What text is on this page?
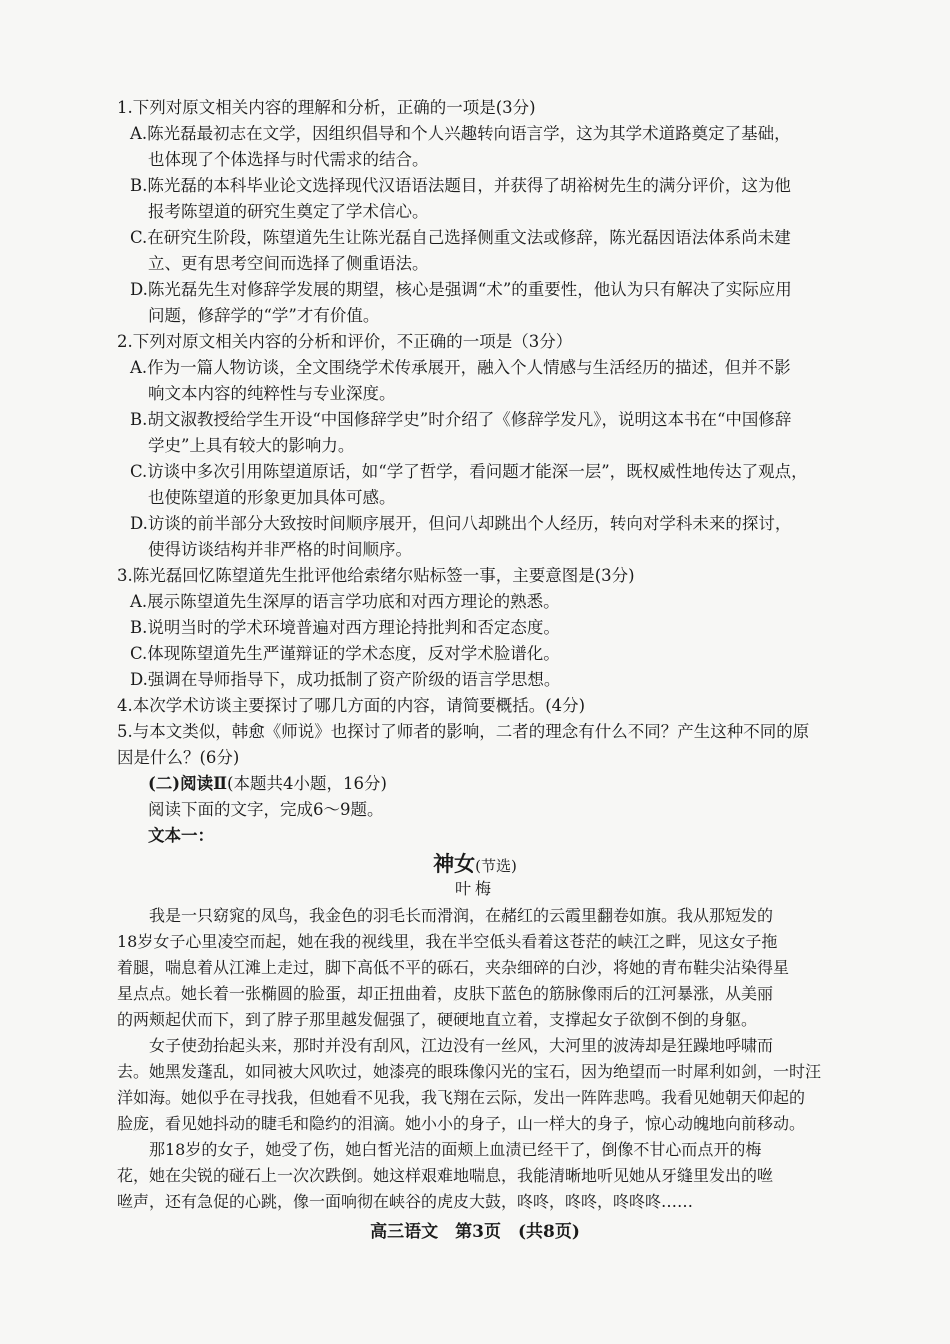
1.下列对原文相关内容的理解和分析，正确的一项是(3分)
A.陈光磊最初志在文学，因组织倡导和个人兴趣转向语言学，这为其学术道路奠定了基础，
也体现了个体选择与时代需求的结合。
B.陈光磊的本科毕业论文选择现代汉语语法题目，并获得了胡裕树先生的满分评价，这为他
报考陈望道的研究生奠定了学术信心。
C.在研究生阶段，陈望道先生让陈光磊自己选择侧重文法或修辞，陈光磊因语法体系尚未建
立、更有思考空间而选择了侧重语法。
D.陈光磊先生对修辞学发展的期望，核心是强调“术”的重要性，他认为只有解决了实际应用
问题，修辞学的“学”才有价值。
2.下列对原文相关内容的分析和评价，不正确的一项是（3分）
A.作为一篇人物访谈，全文围绕学术传承展开，融入个人情感与生活经历的描述，但并不影
响文本内容的纯粹性与专业深度。
B.胡文淑教授给学生开设“中国修辞学史”时介绍了《修辞学发凡》，说明这本书在“中国修辞
学史”上具有较大的影响力。
C.访谈中多次引用陈望道原话，如“学了哲学，看问题才能深一层”，既权威性地传达了观点，
也使陈望道的形象更加具体可感。
D.访谈的前半部分大致按时间顺序展开，但问八却跳出个人经历，转向对学科未来的探讨，
使得访谈结构并非严格的时间顺序。
3.陈光磊回忆陈望道先生批评他给索绪尔贴标签一事，主要意图是(3分)
A.展示陈望道先生深厚的语言学功底和对西方理论的熟悉。
B.说明当时的学术环境普遍对西方理论持批判和否定态度。
C.体现陈望道先生严谨辩证的学术态度，反对学术脸谱化。
D.强调在导师指导下，成功抵制了资产阶级的语言学思想。
4.本次学术访谈主要探讨了哪几方面的内容，请简要概括。(4分)
5.与本文类似，韩愈《师说》也探讨了师者的影响，二者的理念有什么不同？产生这种不同的原
因是什么？(6分)
(二)阅读Ⅱ(本题共4小题，16分)
阅读下面的文字，完成6～9题。
文本一：
神女(节选)
叶梅
我是一只窈窕的凤鸟，我金色的羽毛长而滑润，在赭红的云霞里翻卷如旗。我从那短发的
18岁女子心里凌空而起，她在我的视线里，我在半空低头看着这苍茫的峡江之畔，见这女子拖
着腿，喘息着从江滩上走过，脚下高低不平的砾石，夹杂细碎的白沙，将她的青布鞋尖沾染得星
星点点。她长着一张椭圆的脸蛋，却正扭曲着，皮肤下蓝色的筋脉像雨后的江河暴涨，从美丽
的两颊起伏而下，到了脖子那里越发倔强了，硬硬地直立着，支撑起女子欲倒不倒的身躯。
女子使劲抬起头来，那时并没有刮风，江边没有一丝风，大河里的波涛却是狂躁地呼啸而
去。她黑发蓬乱，如同被大风吹过，她漆亮的眼珠像闪光的宝石，因为绝望而一时犀利如剑，一时汪
洋如海。她似乎在寻找我，但她看不见我，我飞翔在云际，发出一阵阵悲鸣。我看见她朝天仰起的
脸庞，看见她抖动的睫毛和隐约的泪滴。她小小的身子，山一样大的身子，惊心动魄地向前移动。
那18岁的女子，她受了伤，她白皙光洁的面颊上血渍已经干了，倒像不甘心而点开的梅
花，她在尖锐的碰石上一次次跌倒。她这样艰难地喘息，我能清晰地听见她从牙缝里发出的咝
咝声，还有急促的心跳，像一面响彻在峡谷的虎皮大鼓，咚咚，咚咚，咚咚咚……
高三语文　第3页　(共8页)
